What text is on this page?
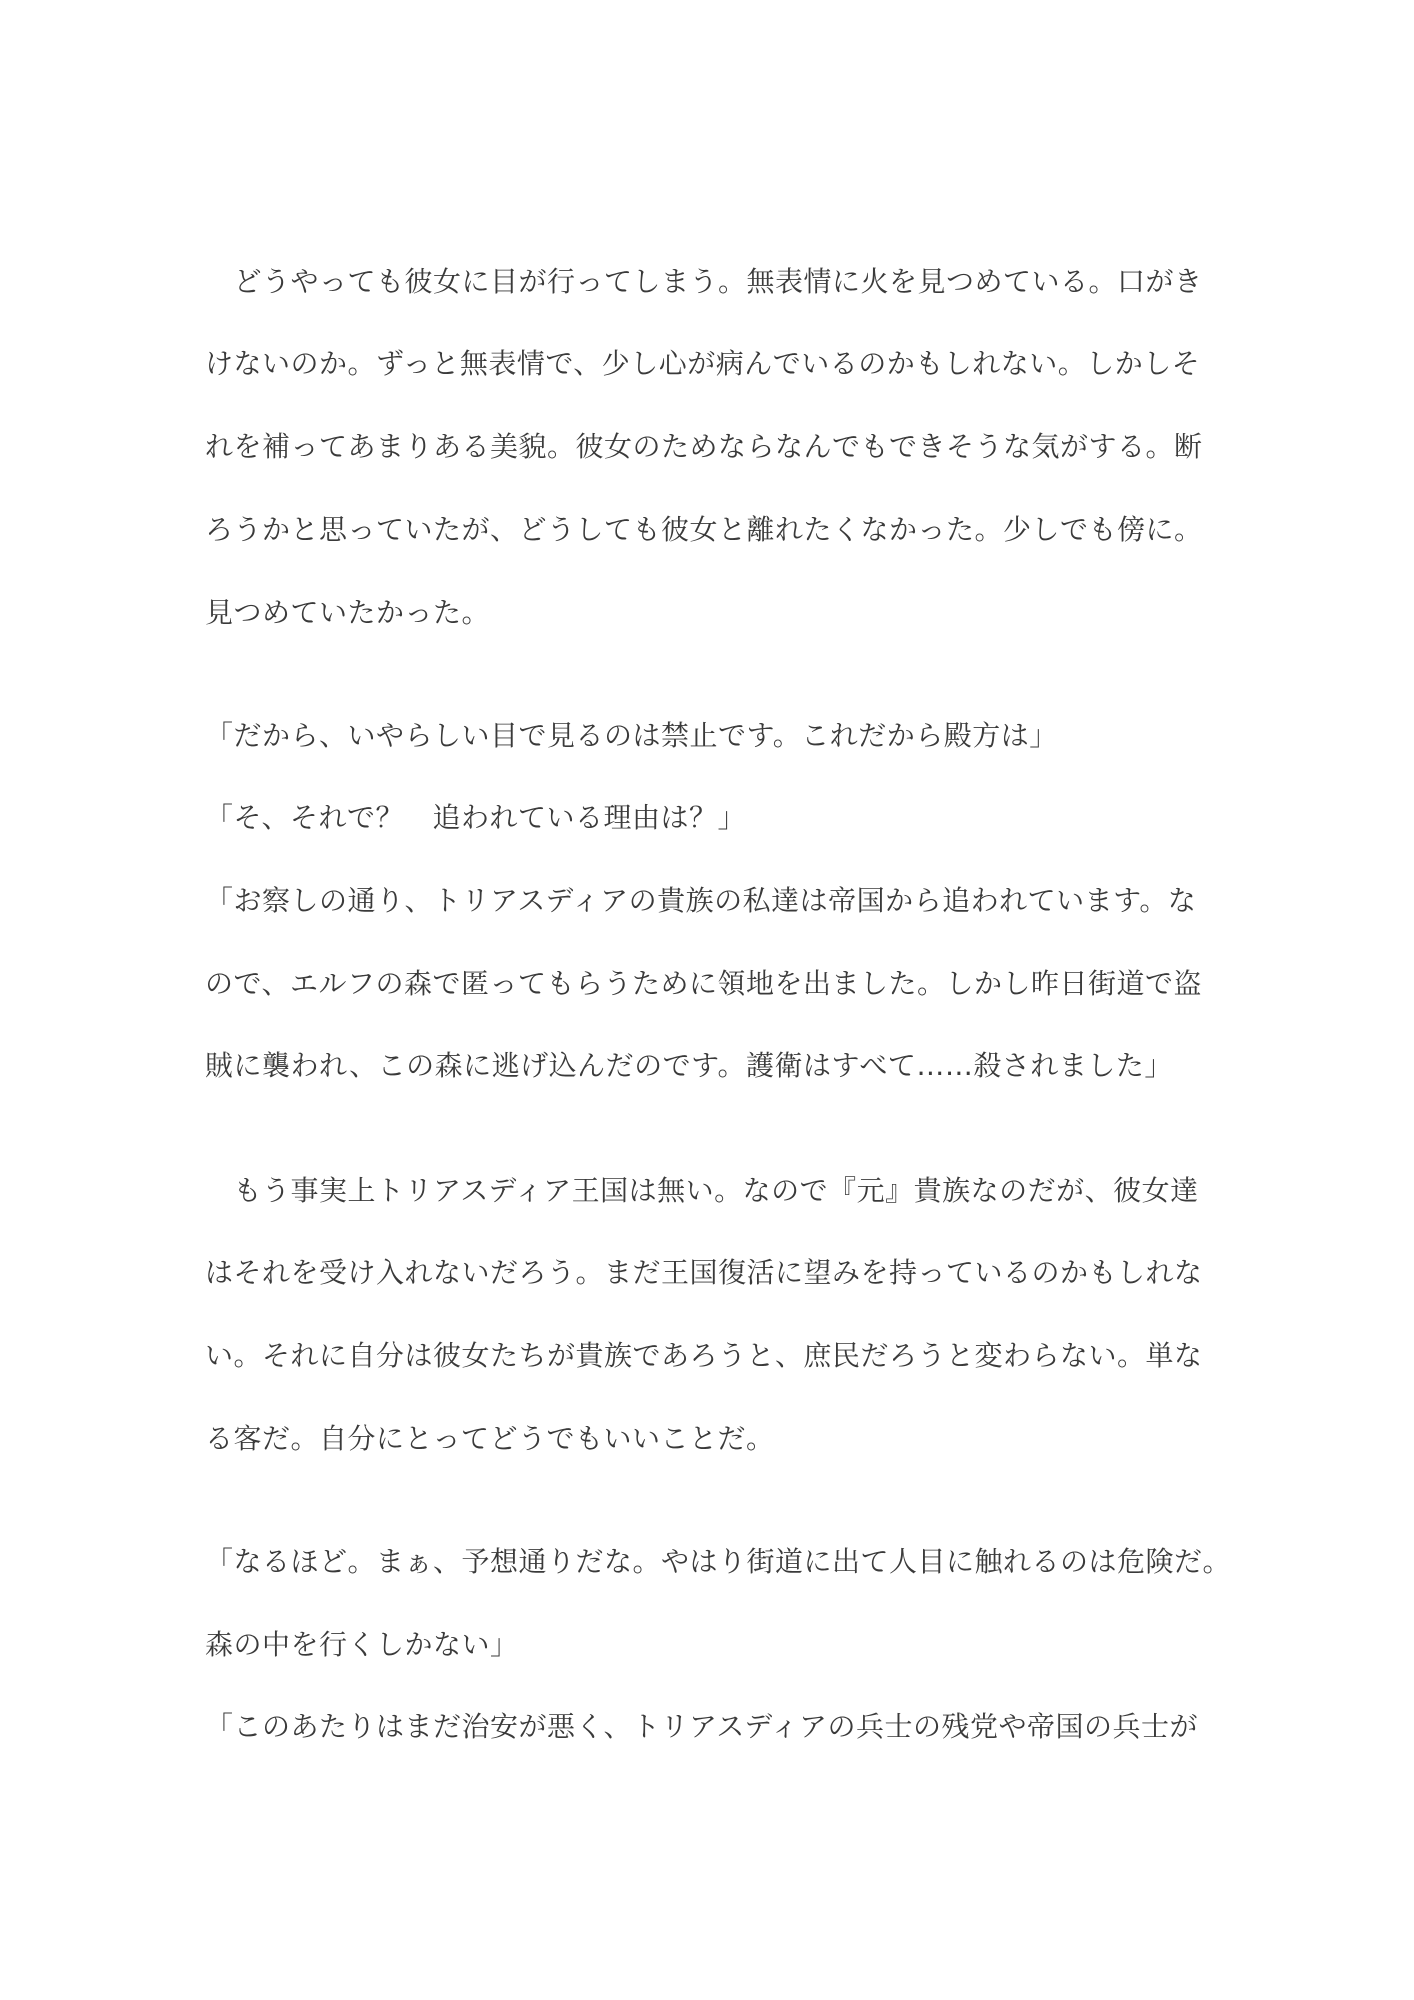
　どうやっても彼女に目が行ってしまう。無表情に火を見つめている。口がき
けないのか。ずっと無表情で、少し心が病んでいるのかもしれない。しかしそ
れを補ってあまりある美貌。彼女のためならなんでもできそうな気がする。断
ろうかと思っていたが、どうしても彼女と離れたくなかった。少しでも傍に。
見つめていたかった。
「だから、いやらしい目で見るのは禁止です。これだから殿方は」
「そ、それで？　追われている理由は？」
「お察しの通り、トリアスディアの貴族の私達は帝国から追われています。な
ので、エルフの森で匿ってもらうために領地を出ました。しかし昨日街道で盗
賊に襲われ、この森に逃げ込んだのです。護衛はすべて……殺されました」
　もう事実上トリアスディア王国は無い。なので『元』貴族なのだが、彼女達
はそれを受け入れないだろう。まだ王国復活に望みを持っているのかもしれな
い。それに自分は彼女たちが貴族であろうと、庶民だろうと変わらない。単な
る客だ。自分にとってどうでもいいことだ。
「なるほど。まぁ、予想通りだな。やはり街道に出て人目に触れるのは危険だ。
森の中を行くしかない」
「このあたりはまだ治安が悪く、トリアスディアの兵士の残党や帝国の兵士が
